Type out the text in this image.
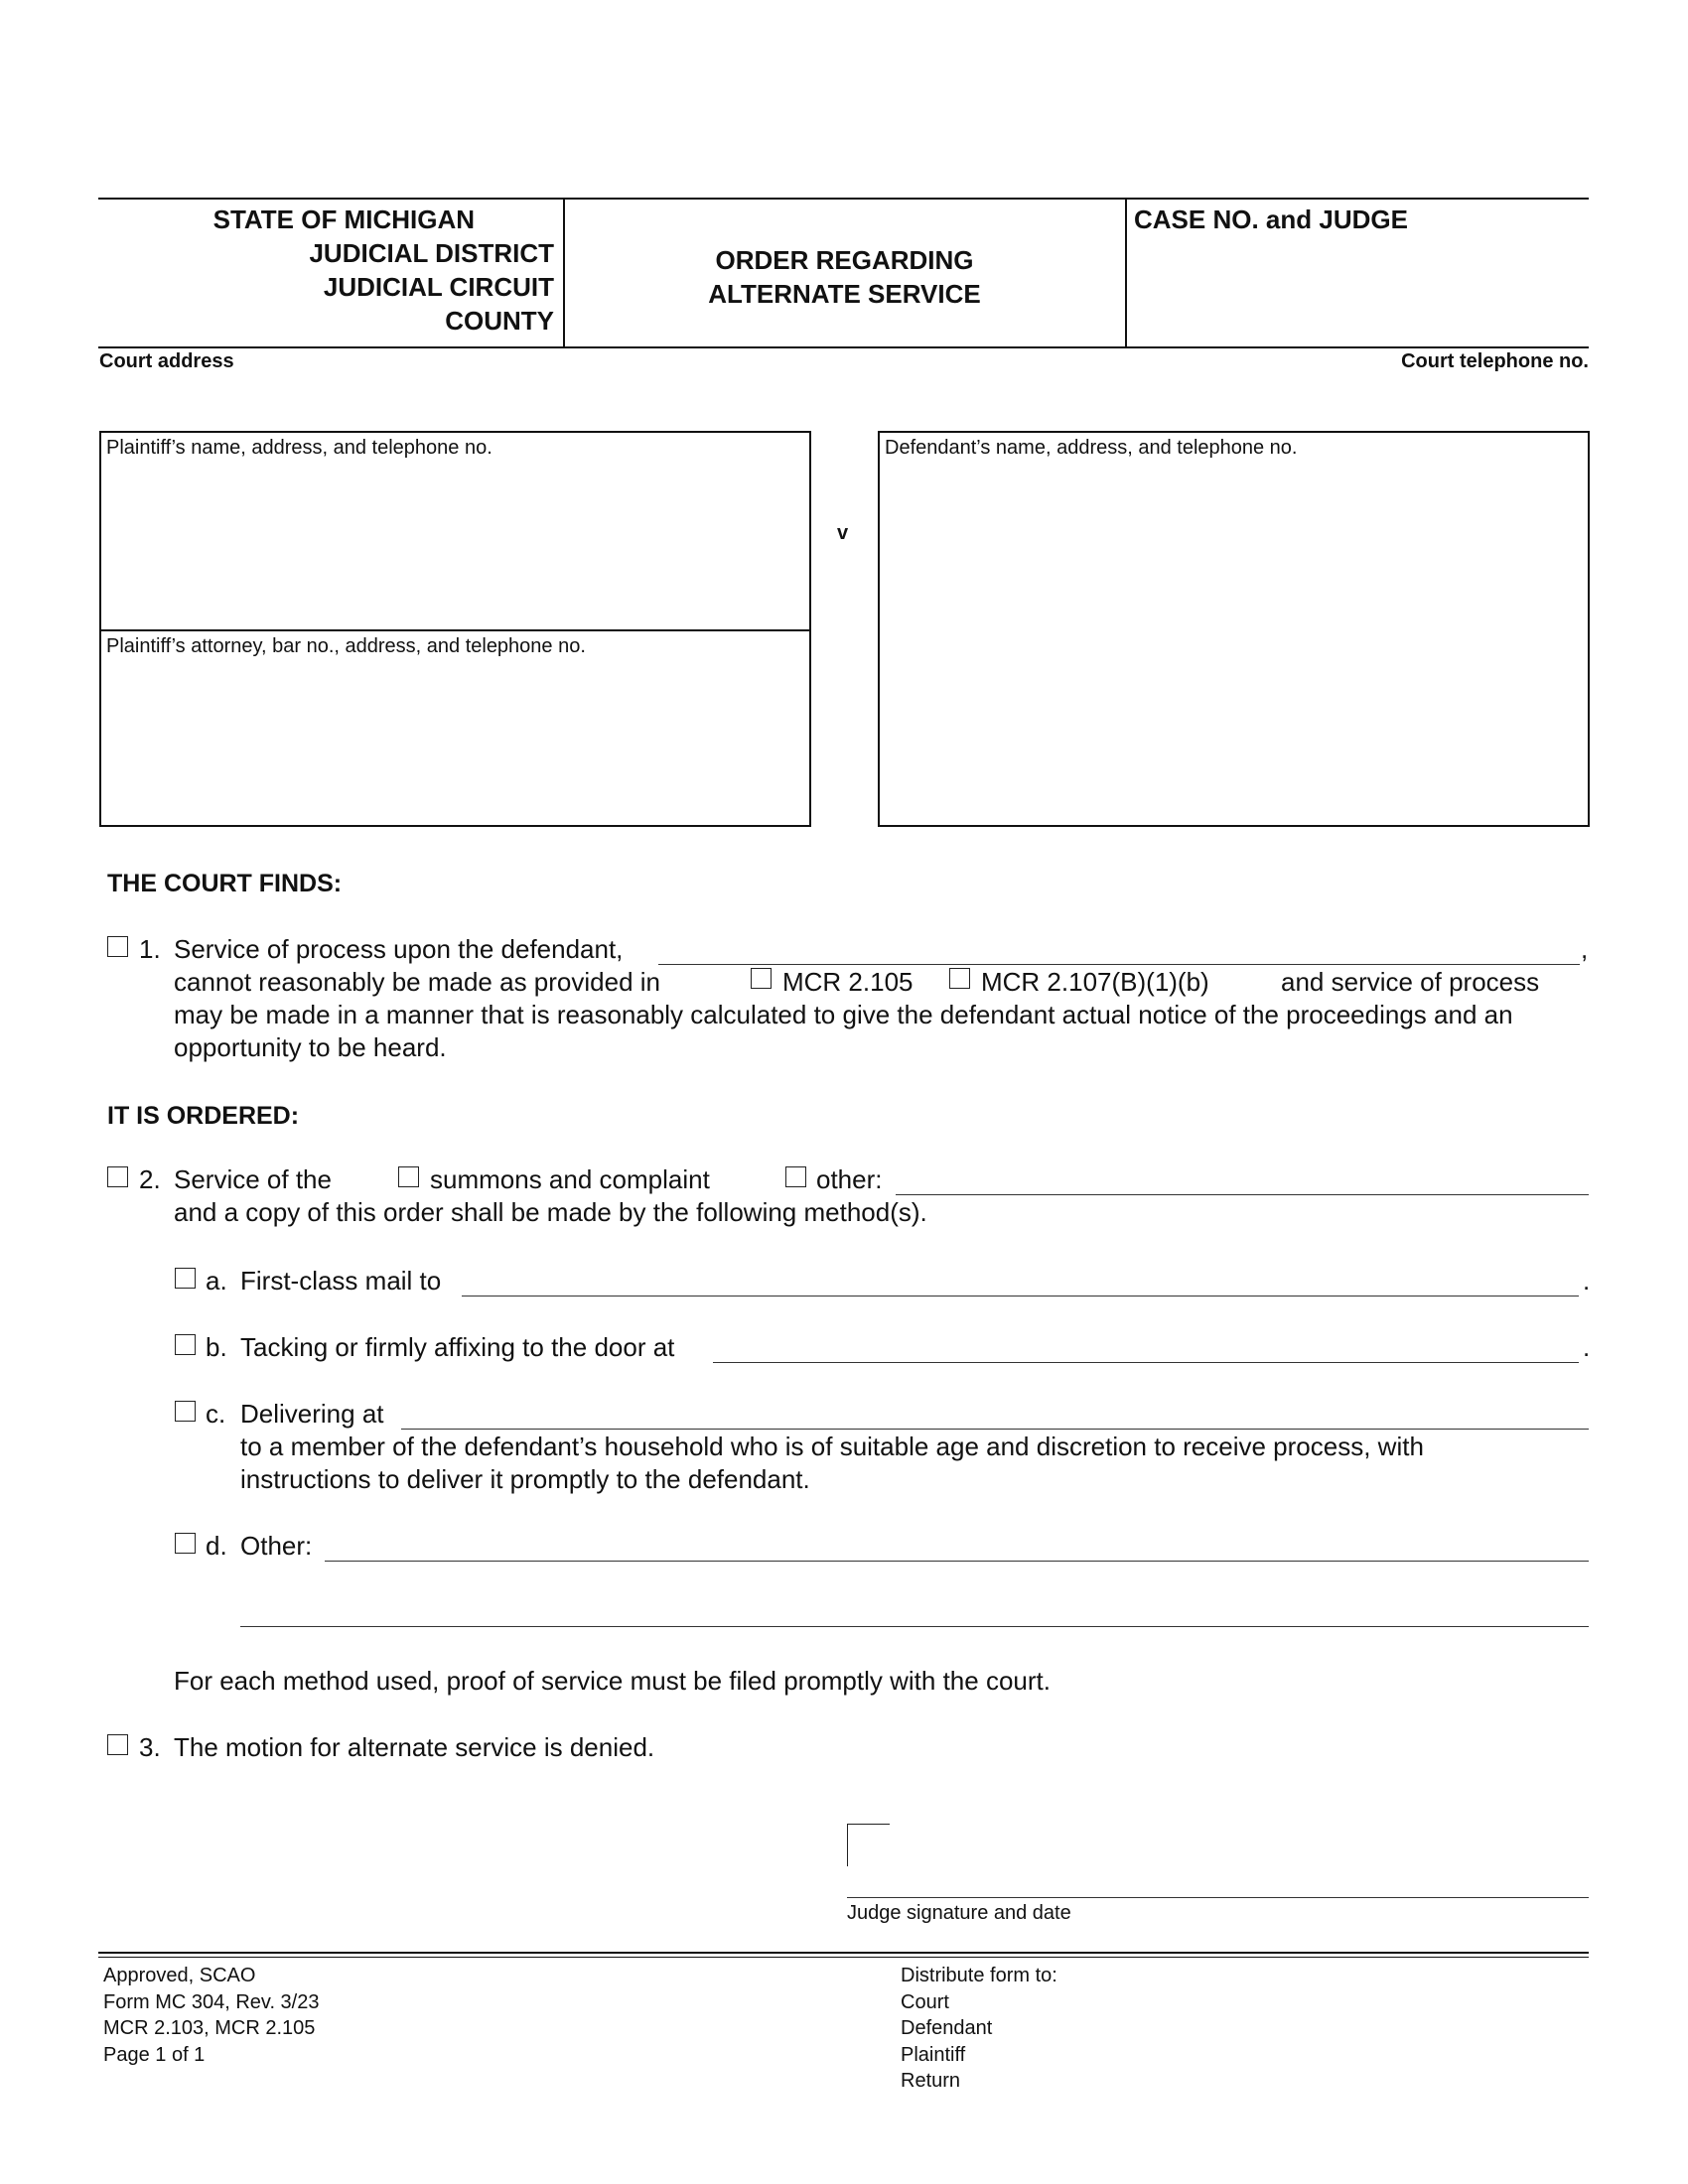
STATE OF MICHIGAN
JUDICIAL DISTRICT
JUDICIAL CIRCUIT
COUNTY
ORDER REGARDING
ALTERNATE SERVICE
CASE NO. and JUDGE
Court address	Court telephone no.
Plaintiff’s name, address, and telephone no.
Plaintiff’s attorney, bar no., address, and telephone no.
v
Defendant’s name, address, and telephone no.
THE COURT FINDS:
1. Service of process upon the defendant,	,
cannot reasonably be made as provided in	MCR 2.105	MCR 2.107(B)(1)(b)	and service of process
may be made in a manner that is reasonably calculated to give the defendant actual notice of the proceedings and an
opportunity to be heard.
IT IS ORDERED:
2. Service of the	summons and complaint	other:
and a copy of this order shall be made by the following method(s).
a. First-class mail to	.
b. Tacking or firmly affixing to the door at	.
c. Delivering at
to a member of the defendant’s household who is of suitable age and discretion to receive process, with
instructions to deliver it promptly to the defendant.
d. Other:
For each method used, proof of service must be filed promptly with the court.
3. The motion for alternate service is denied.
Judge signature and date
Approved, SCAO
Form MC 304, Rev. 3/23
MCR 2.103, MCR 2.105
Page 1 of 1
Distribute form to:
Court
Defendant
Plaintiff
Return
